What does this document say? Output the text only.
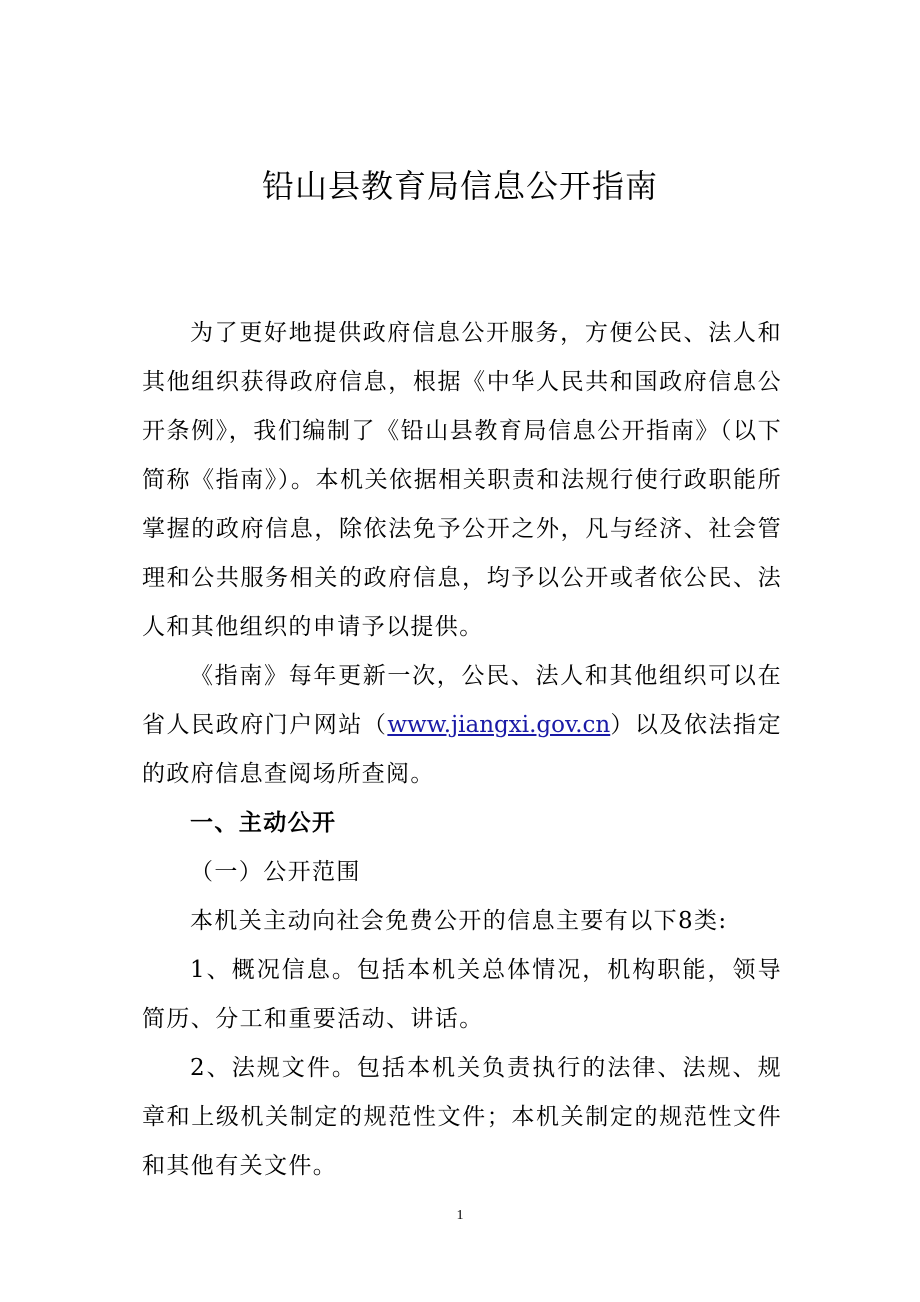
铅山县教育局信息公开指南

为了更好地提供政府信息公开服务，方便公民、法人和其他组织获得政府信息，根据《中华人民共和国政府信息公开条例》，我们编制了《铅山县教育局信息公开指南》（以下简称《指南》）。本机关依据相关职责和法规行使行政职能所掌握的政府信息，除依法免予公开之外，凡与经济、社会管理和公共服务相关的政府信息，均予以公开或者依公民、法人和其他组织的申请予以提供。

《指南》每年更新一次，公民、法人和其他组织可以在省人民政府门户网站（www.jiangxi.gov.cn）以及依法指定的政府信息查阅场所查阅。

一、主动公开

（一）公开范围

本机关主动向社会免费公开的信息主要有以下8类:

1、概况信息。包括本机关总体情况，机构职能，领导简历、分工和重要活动、讲话。

2、法规文件。包括本机关负责执行的法律、法规、规章和上级机关制定的规范性文件；本机关制定的规范性文件和其他有关文件。

1
